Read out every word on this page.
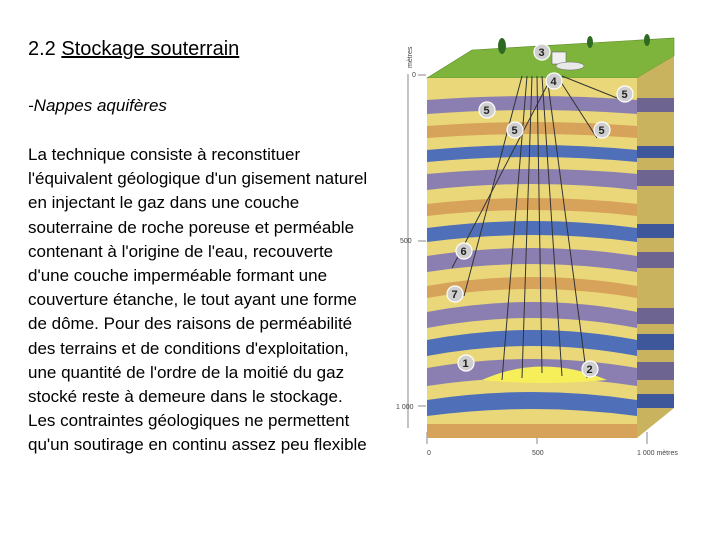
2.2 Stockage souterrain
-Nappes aquifères
La technique consiste à reconstituer l'équivalent géologique d'un gisement naturel en injectant le gaz dans une couche souterraine de roche poreuse et perméable contenant à l'origine de l'eau, recouverte d'une couche imperméable formant une couverture étanche, le tout ayant une forme de dôme. Pour des raisons de perméabilité des terrains et de conditions d'exploitation, une quantité de l'ordre de la moitié du gaz stocké reste à demeure dans le stockage. Les contraintes géologiques ne permettent qu'un soutirage en continu assez peu flexible
mètres
0
500
1 000
0	500	1 000 mètres
3
4
5
5	5
5
6
7
1	2
